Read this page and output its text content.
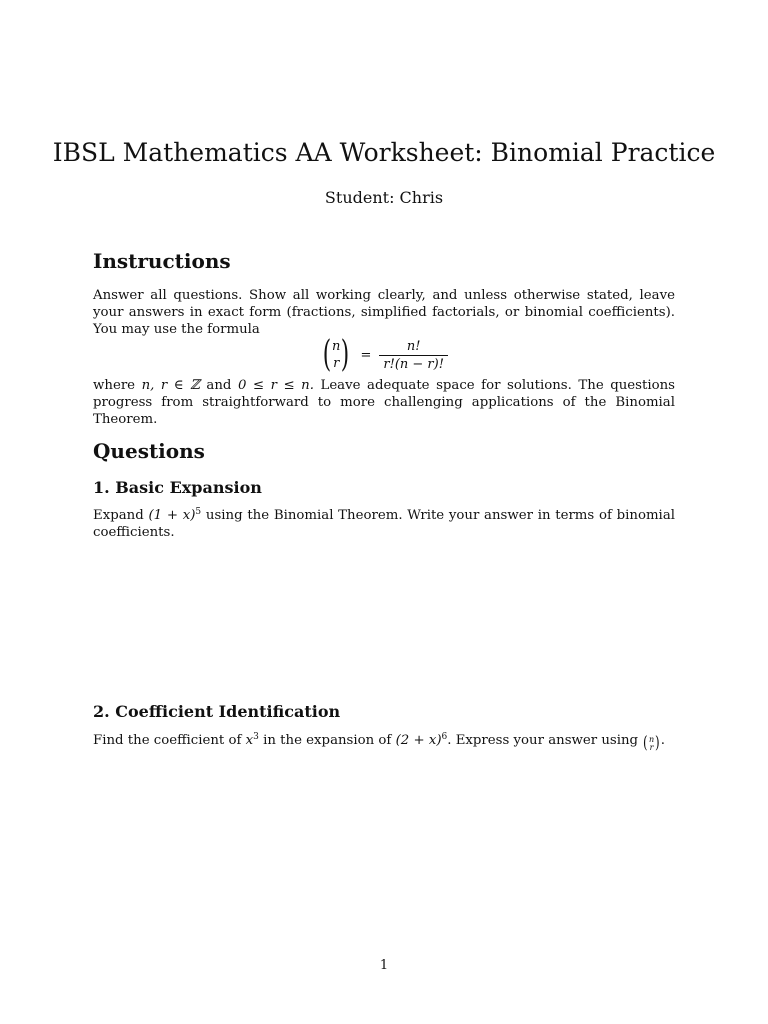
IBSL Mathematics AA Worksheet: Binomial Practice
Student: Chris
Instructions

Answer all questions. Show all working clearly, and unless otherwise stated, leave your answers in exact form (fractions, simplified factorials, or binomial coefficients). You may use the formula

( n
r ) = $\frac{n!}{r!(n - r)!}$

where n, r ∈ ℤ and 0 ≤ r ≤ n. Leave adequate space for solutions. The questions progress from straightforward to more challenging applications of the Binomial Theorem.

Questions
1. Basic Expansion

Expand $(1 + x)^5$ using the Binomial Theorem. Write your answer in terms of binomial coefficients.

2. Coefficient Identification

Find the coefficient of $x^3$ in the expansion of $(2 + x)^6$. Express your answer using ( n
r ) .

1
